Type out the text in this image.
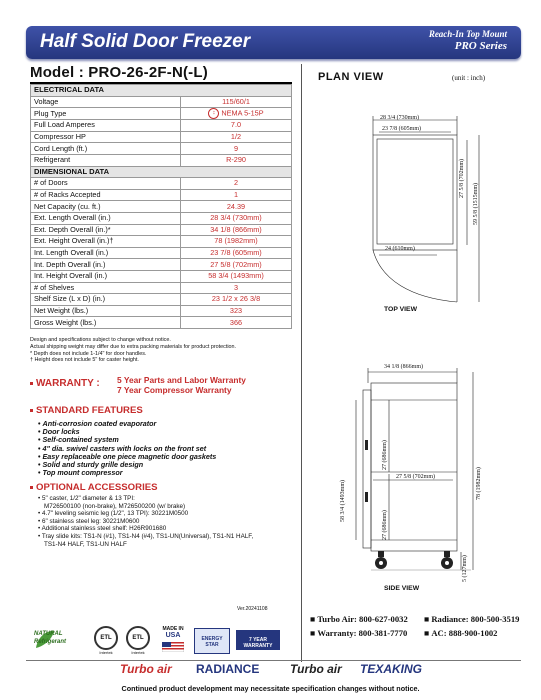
Half Solid Door Freezer	Reach-In Top Mount
PRO Series
Model : PRO-26-2F-N(-L)
ELECTRICAL DATA	
Voltage	115/60/1
Plug Type	⦂ NEMA 5-15P
Full Load Amperes	7.0
Compressor HP	1/2
Cord Length (ft.)	9
Refrigerant	R-290
DIMENSIONAL DATA	
# of Doors	2
# of Racks Accepted	1
Net Capacity (cu. ft.)	24.39
Ext. Length Overall (in.)	28 3/4 (730mm)
Ext. Depth Overall (in.)*	34 1/8 (866mm)
Ext. Height Overall (in.)†	78 (1982mm)
Int. Length Overall (in.)	23 7/8 (605mm)
Int. Depth Overall (in.)	27 5/8 (702mm)
Int. Height Overall (in.)	58 3/4 (1493mm)
# of Shelves	3
Shelf Size (L x D) (in.)	23 1/2 x 26 3/8
Net Weight (lbs.)	323
Gross Weight (lbs.)	366
Design and specifications subject to change without notice.
Actual shipping weight may differ due to extra packing materials for product protection.
* Depth does not include 1-1/4" for door handles.
† Height does not include 5" for caster height.
WARRANTY : 5 Year Parts and Labor Warranty
7 Year Compressor Warranty
STANDARD FEATURES
• Anti-corrosion coated evaporator
• Door locks
• Self-contained system
• 4" dia. swivel casters with locks on the front set
• Easy replaceable one piece magnetic door gaskets
• Solid and sturdy grille design
• Top mount compressor
OPTIONAL ACCESSORIES
• 5" caster, 1/2" diameter & 13 TPI:
M726500100 (non-brake), M726500200 (w/ brake)
• 4.7" leveling seismic leg (1/2", 13 TPI): 30221M0500
• 6" stainless steel leg: 30221M0600
• Additional stainless steel shelf: H26R901680
• Tray slide kits: TS1-N (#1), TS1-N4 (#4), TS1-UN(Universal), TS1-N1 HALF,
TS1-N4 HALF, TS1-UN HALF
Ver.20241108
NATURAL
Refrigerant
ETL
Intertek
ETL
Intertek
MADE IN
USA	ENERGY STAR
7 YEAR WARRANTY
PLAN VIEW	(unit : inch)
28 3/4 (730mm)
23 7/8 (605mm)
27 5/8 (702mm)
59 5/8 (1515mm)
24 (610mm)
TOP VIEW
34 1/8 (866mm)
27 (686mm)
27 (686mm)
27 5/8 (702mm)
58 3/4 (1493mm)	78 (1982mm)
5 (127mm)
SIDE VIEW
■ Turbo Air: 800-627-0032 ■ Radiance: 800-500-3519
■ Warranty: 800-381-7770 ■ AC: 888-900-1002
Turbo air RADIANCE	Turbo air TEXAKING
Continued product development may necessitate specification changes without notice.
